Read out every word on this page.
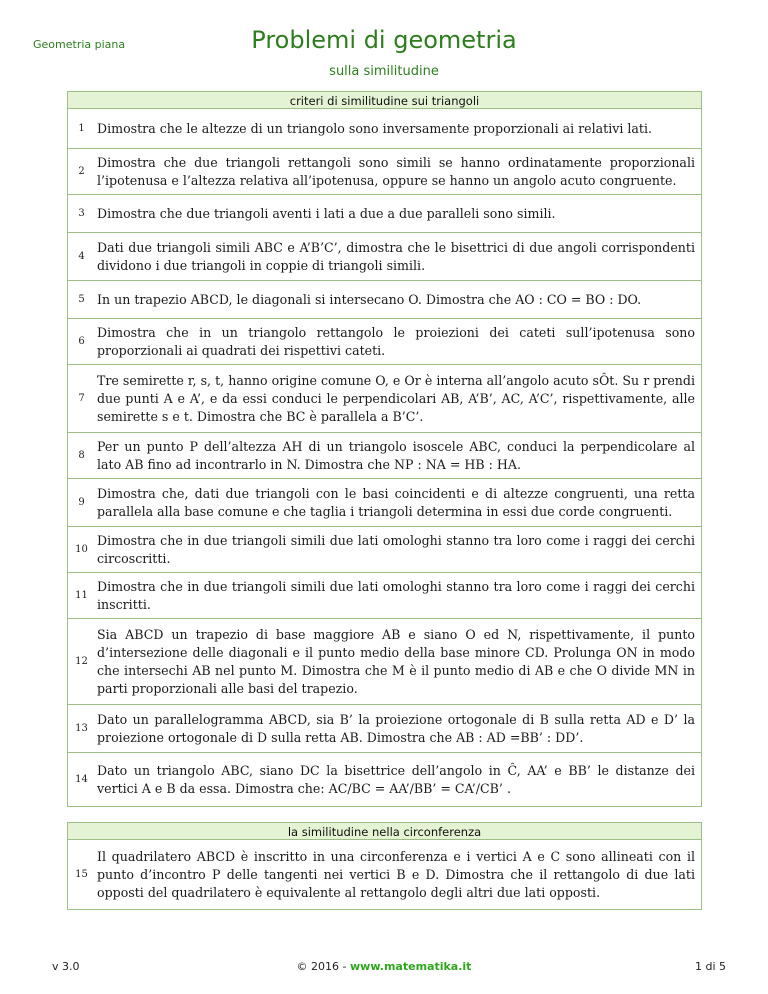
Geometria piana	Problemi di geometria
sulla similitudine
criteri di similitudine sui triangoli
1 Dimostra che le altezze di un triangolo sono inversamente proporzionali ai relativi lati.
2
Dimostra che due triangoli rettangoli sono simili se hanno ordinatamente proporzionali l’ipotenusa e l’altezza relativa all’ipotenusa, oppure se hanno un angolo acuto congruente.
3 Dimostra che due triangoli aventi i lati a due a due paralleli sono simili.
4
Dati due triangoli simili ABC e A’B’C’, dimostra che le bisettrici di due angoli corrispondenti dividono i due triangoli in coppie di triangoli simili.
5 In un trapezio ABCD, le diagonali si intersecano O. Dimostra che AO : CO = BO : DO.
6
Dimostra che in un triangolo rettangolo le proiezioni dei cateti sull’ipotenusa sono proporzionali ai quadrati dei rispettivi cateti.
7
Tre semirette r, s, t, hanno origine comune O, e Or è interna all’angolo acuto sÔt. Su r prendi due punti A e A’, e da essi conduci le perpendicolari AB, A’B’, AC, A’C’, rispettivamente, alle semirette s e t. Dimostra che BC è parallela a B’C’.
8
Per un punto P dell’altezza AH di un triangolo isoscele ABC, conduci la perpendicolare al lato AB fino ad incontrarlo in N. Dimostra che NP : NA = HB : HA.
9
Dimostra che, dati due triangoli con le basi coincidenti e di altezze congruenti, una retta parallela alla base comune e che taglia i triangoli determina in essi due corde congruenti.
10
Dimostra che in due triangoli simili due lati omologhi stanno tra loro come i raggi dei cerchi circoscritti.
11
Dimostra che in due triangoli simili due lati omologhi stanno tra loro come i raggi dei cerchi inscritti.
12
Sia ABCD un trapezio di base maggiore AB e siano O ed N, rispettivamente, il punto d’intersezione delle diagonali e il punto medio della base minore CD. Prolunga ON in modo che intersechi AB nel punto M. Dimostra che M è il punto medio di AB e che O divide MN in parti proporzionali alle basi del trapezio.
13
Dato un parallelogramma ABCD, sia B’ la proiezione ortogonale di B sulla retta AD e D’ la proiezione ortogonale di D sulla retta AB. Dimostra che AB : AD =BB’ : DD’.
14
Dato un triangolo ABC, siano DC la bisettrice dell’angolo in Ĉ, AA’ e BB’ le distanze dei vertici A e B da essa. Dimostra che: AC/BC = AA’/BB’ = CA’/CB’ .
la similitudine nella circonferenza
15
Il quadrilatero ABCD è inscritto in una circonferenza e i vertici A e C sono allineati con il punto d’incontro P delle tangenti nei vertici B e D. Dimostra che il rettangolo di due lati opposti del quadrilatero è equivalente al rettangolo degli altri due lati opposti.
v 3.0	© 2016 - www.matematika.it	1 di 5
